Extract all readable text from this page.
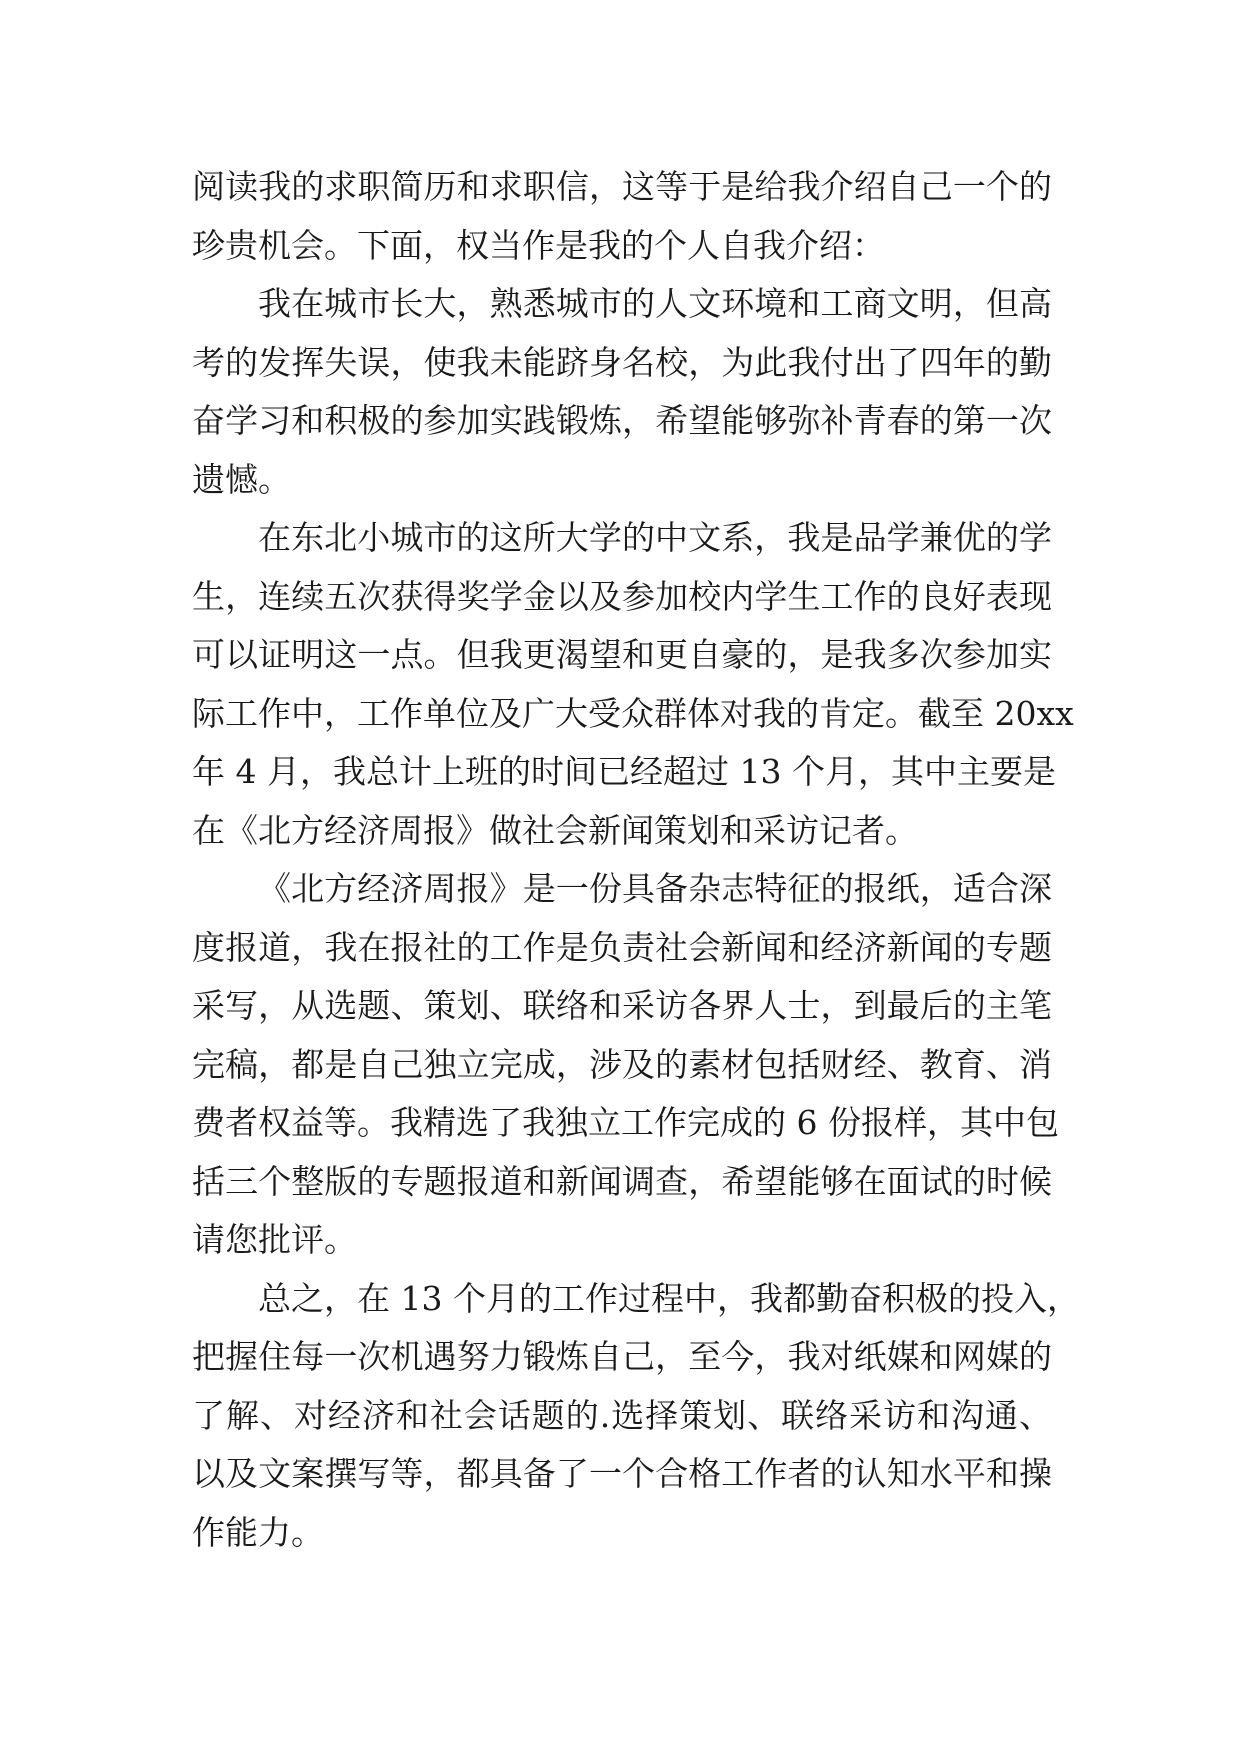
阅读我的求职简历和求职信，这等于是给我介绍自己一个的
珍贵机会。下面，权当作是我的个人自我介绍：
我在城市长大，熟悉城市的人文环境和工商文明，但高
考的发挥失误，使我未能跻身名校，为此我付出了四年的勤
奋学习和积极的参加实践锻炼，希望能够弥补青春的第一次
遗憾。
在东北小城市的这所大学的中文系，我是品学兼优的学
生，连续五次获得奖学金以及参加校内学生工作的良好表现
可以证明这一点。但我更渴望和更自豪的，是我多次参加实
际工作中，工作单位及广大受众群体对我的肯定。截至 20xx
年 4 月，我总计上班的时间已经超过 13 个月，其中主要是
在《北方经济周报》做社会新闻策划和采访记者。
《北方经济周报》是一份具备杂志特征的报纸，适合深
度报道，我在报社的工作是负责社会新闻和经济新闻的专题
采写，从选题、策划、联络和采访各界人士，到最后的主笔
完稿，都是自己独立完成，涉及的素材包括财经、教育、消
费者权益等。我精选了我独立工作完成的 6 份报样，其中包
括三个整版的专题报道和新闻调查，希望能够在面试的时候
请您批评。
总之，在 13 个月的工作过程中，我都勤奋积极的投入，
把握住每一次机遇努力锻炼自己，至今，我对纸媒和网媒的
了解、对经济和社会话题的.选择策划、联络采访和沟通、
以及文案撰写等，都具备了一个合格工作者的认知水平和操
作能力。
